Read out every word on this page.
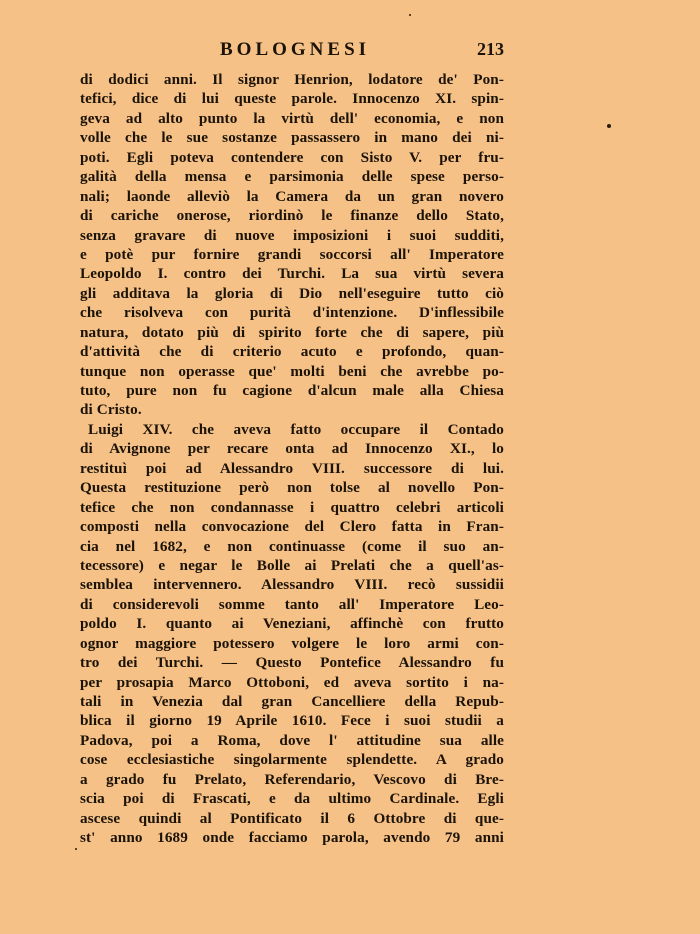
BOLOGNESI	213
di dodici anni. Il signor Henrion, lodatore de' Pon-
tefici, dice di lui queste parole. Innocenzo XI. spin-
geva ad alto punto la virtù dell' economia, e non
volle che le sue sostanze passassero in mano dei ni-
poti. Egli poteva contendere con Sisto V. per fru-
galità della mensa e parsimonia delle spese perso-
nali; laonde alleviò la Camera da un gran novero
di cariche onerose, riordinò le finanze dello Stato,
senza gravare di nuove imposizioni i suoi sudditi,
e potè pur fornire grandi soccorsi all' Imperatore
Leopoldo I. contro dei Turchi. La sua virtù severa
gli additava la gloria di Dio nell'eseguire tutto ciò
che risolveva con purità d'intenzione. D'inflessibile
natura, dotato più di spirito forte che di sapere, più
d'attività che di criterio acuto e profondo, quan-
tunque non operasse que' molti beni che avrebbe po-
tuto, pure non fu cagione d'alcun male alla Chiesa
di Cristo.
Luigi XIV. che aveva fatto occupare il Contado
di Avignone per recare onta ad Innocenzo XI., lo
restituì poi ad Alessandro VIII. successore di lui.
Questa restituzione però non tolse al novello Pon-
tefice che non condannasse i quattro celebri articoli
composti nella convocazione del Clero fatta in Fran-
cia nel 1682, e non continuasse (come il suo an-
tecessore) e negar le Bolle ai Prelati che a quell'as-
semblea intervennero. Alessandro VIII. recò sussidii
di considerevoli somme tanto all' Imperatore Leo-
poldo I. quanto ai Veneziani, affinchè con frutto
ognor maggiore potessero volgere le loro armi con-
tro dei Turchi. — Questo Pontefice Alessandro fu
per prosapia Marco Ottoboni, ed aveva sortito i na-
tali in Venezia dal gran Cancelliere della Repub-
blica il giorno 19 Aprile 1610. Fece i suoi studii a
Padova, poi a Roma, dove l' attitudine sua alle
cose ecclesiastiche singolarmente splendette. A grado
a grado fu Prelato, Referendario, Vescovo di Bre-
scia poi di Frascati, e da ultimo Cardinale. Egli
ascese quindi al Pontificato il 6 Ottobre di que-
st' anno 1689 onde facciamo parola, avendo 79 anni
